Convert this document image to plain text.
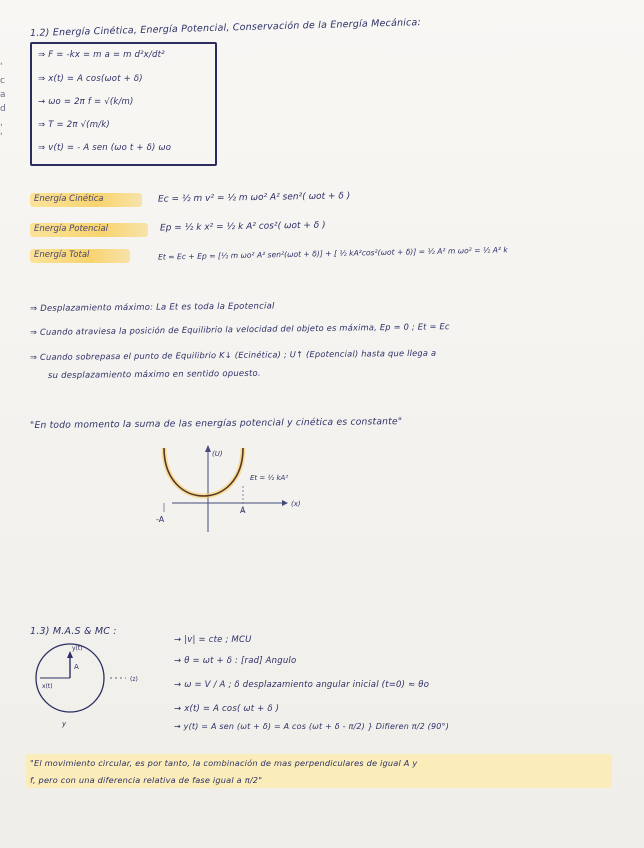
'
c
a
d
,
'
1.2) Energía Cinética, Energía Potencial, Conservación de la Energía Mecánica:
⇒ F = -kx = m a = m d²x/dt²
⇒ x(t) = A cos(ωot + δ)
→ ωo = 2π f = √(k/m)
⇒ T = 2π √(m/k)
⇒ v(t) = - A sen (ωo t + δ) ωo
Energía Cinética	Ec = ½ m v² = ½ m ωo² A² sen²( ωot + δ )
Energía Potencial	Ep = ½ k x² = ½ k A² cos²( ωot + δ )
Energía Total	Et = Ec + Ep = [½ m ωo² A² sen²(ωot + δ)] + [ ½ kA²cos²(ωot + δ)] = ½ A² m ωo² = ½ A² k
⇒ Desplazamiento máximo: La Et es toda la Epotencial
⇒ Cuando atraviesa la posición de Equilibrio la velocidad del objeto es máxima, Ep = 0 ; Et = Ec
⇒ Cuando sobrepasa el punto de Equilibrio K↓ (Ecinética) ; U↑ (Epotencial) hasta que llega a
su desplazamiento máximo en sentido opuesto.
"En todo momento la suma de las energías potencial y cinética es constante"
(U)
(x)
-A
A
Et = ½ kA²
1.3) M.A.S & MC :
y(t)
A
x(t)
y
(z)
→ |v| = cte ; MCU
→ θ = ωt + δ : [rad] Angulo
→ ω = V / A ; δ desplazamiento angular inicial (t=0) ≈ θo
→ x(t) = A cos( ωt + δ )
→ y(t) = A sen (ωt + δ) = A cos (ωt + δ - π/2) } Difieren π/2 (90°)
"El movimiento circular, es por tanto, la combinación de mas perpendiculares de igual A y
f, pero con una diferencia relativa de fase igual a π/2"
